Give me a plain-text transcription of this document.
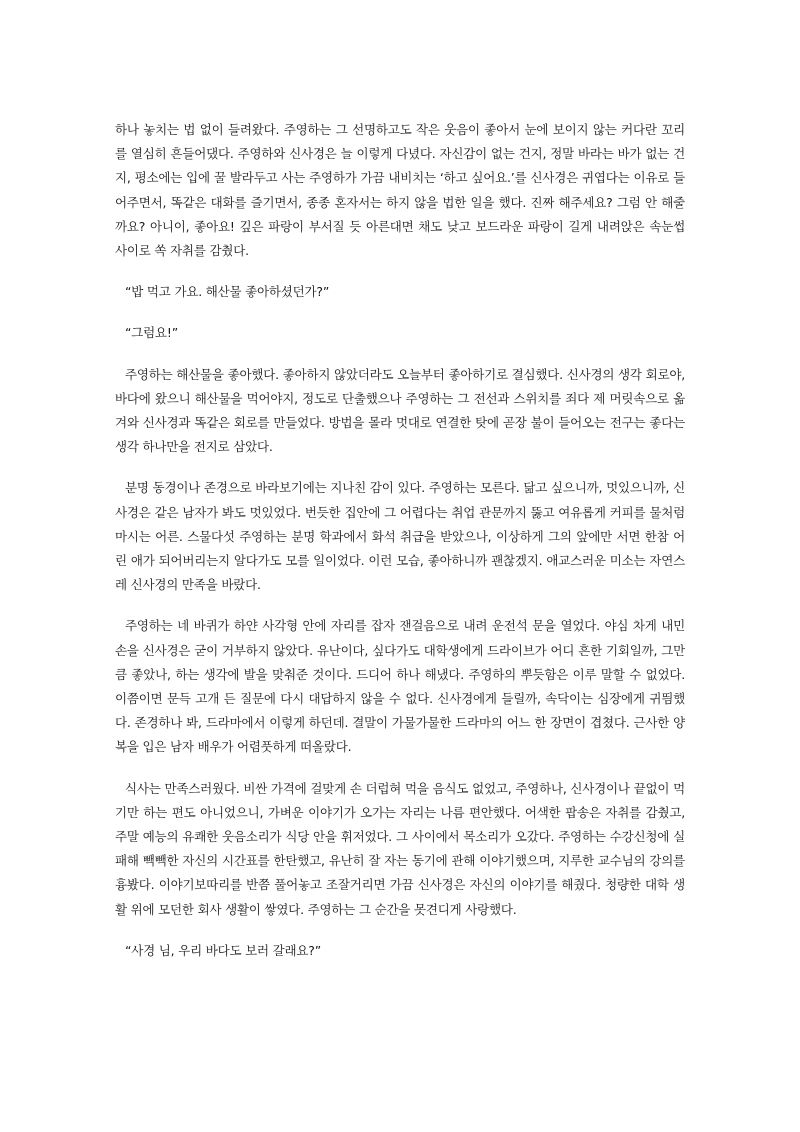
하나 놓치는 법 없이 들려왔다. 주영하는 그 선명하고도 작은 웃음이 좋아서 눈에 보이지 않는 커다란 꼬리를 열심히 흔들어댔다. 주영하와 신사경은 늘 이렇게 다녔다. 자신감이 없는 건지, 정말 바라는 바가 없는 건지, 평소에는 입에 꿀 발라두고 사는 주영하가 가끔 내비치는 ‘하고 싶어요.’를 신사경은 귀엽다는 이유로 들어주면서, 똑같은 대화를 즐기면서, 종종 혼자서는 하지 않을 법한 일을 했다. 진짜 해주세요? 그럼 안 해줄까요? 아니이, 좋아요! 깊은 파랑이 부서질 듯 아른대면 채도 낮고 보드라운 파랑이 길게 내려앉은 속눈썹 사이로 쏙 자취를 감췄다.

“밥 먹고 가요. 해산물 좋아하셨던가?”

“그럼요!”

주영하는 해산물을 좋아했다. 좋아하지 않았더라도 오늘부터 좋아하기로 결심했다. 신사경의 생각 회로야, 바다에 왔으니 해산물을 먹어야지, 정도로 단출했으나 주영하는 그 전선과 스위치를 죄다 제 머릿속으로 옮겨와 신사경과 똑같은 회로를 만들었다. 방법을 몰라 멋대로 연결한 탓에 곧장 불이 들어오는 전구는 좋다는 생각 하나만을 전지로 삼았다.

분명 동경이나 존경으로 바라보기에는 지나친 감이 있다. 주영하는 모른다. 닮고 싶으니까, 멋있으니까, 신사경은 같은 남자가 봐도 멋있었다. 번듯한 집안에 그 어렵다는 취업 관문까지 뚫고 여유롭게 커피를 물처럼 마시는 어른. 스물다섯 주영하는 분명 학과에서 화석 취급을 받았으나, 이상하게 그의 앞에만 서면 한참 어린 애가 되어버리는지 알다가도 모를 일이었다. 이런 모습, 좋아하니까 괜찮겠지. 애교스러운 미소는 자연스레 신사경의 만족을 바랐다.

주영하는 네 바퀴가 하얀 사각형 안에 자리를 잡자 잰걸음으로 내려 운전석 문을 열었다. 야심 차게 내민 손을 신사경은 굳이 거부하지 않았다. 유난이다, 싶다가도 대학생에게 드라이브가 어디 흔한 기회일까, 그만큼 좋았나, 하는 생각에 발을 맞춰준 것이다. 드디어 하나 해냈다. 주영하의 뿌듯함은 이루 말할 수 없었다. 이쯤이면 문득 고개 든 질문에 다시 대답하지 않을 수 없다. 신사경에게 들릴까, 속닥이는 심장에게 귀띔했다. 존경하나 봐, 드라마에서 이렇게 하던데. 결말이 가물가물한 드라마의 어느 한 장면이 겹쳤다. 근사한 양복을 입은 남자 배우가 어렴풋하게 떠올랐다.

식사는 만족스러웠다. 비싼 가격에 걸맞게 손 더럽혀 먹을 음식도 없었고, 주영하나, 신사경이나 끝없이 먹기만 하는 편도 아니었으니, 가벼운 이야기가 오가는 자리는 나름 편안했다. 어색한 팝송은 자취를 감췄고, 주말 예능의 유쾌한 웃음소리가 식당 안을 휘저었다. 그 사이에서 목소리가 오갔다. 주영하는 수강신청에 실패해 빽빽한 자신의 시간표를 한탄했고, 유난히 잘 자는 동기에 관해 이야기했으며, 지루한 교수님의 강의를 흉봤다. 이야기보따리를 반쯤 풀어놓고 조잘거리면 가끔 신사경은 자신의 이야기를 해줬다. 청량한 대학 생활 위에 모던한 회사 생활이 쌓였다. 주영하는 그 순간을 못견디게 사랑했다.

“사경 님, 우리 바다도 보러 갈래요?”
